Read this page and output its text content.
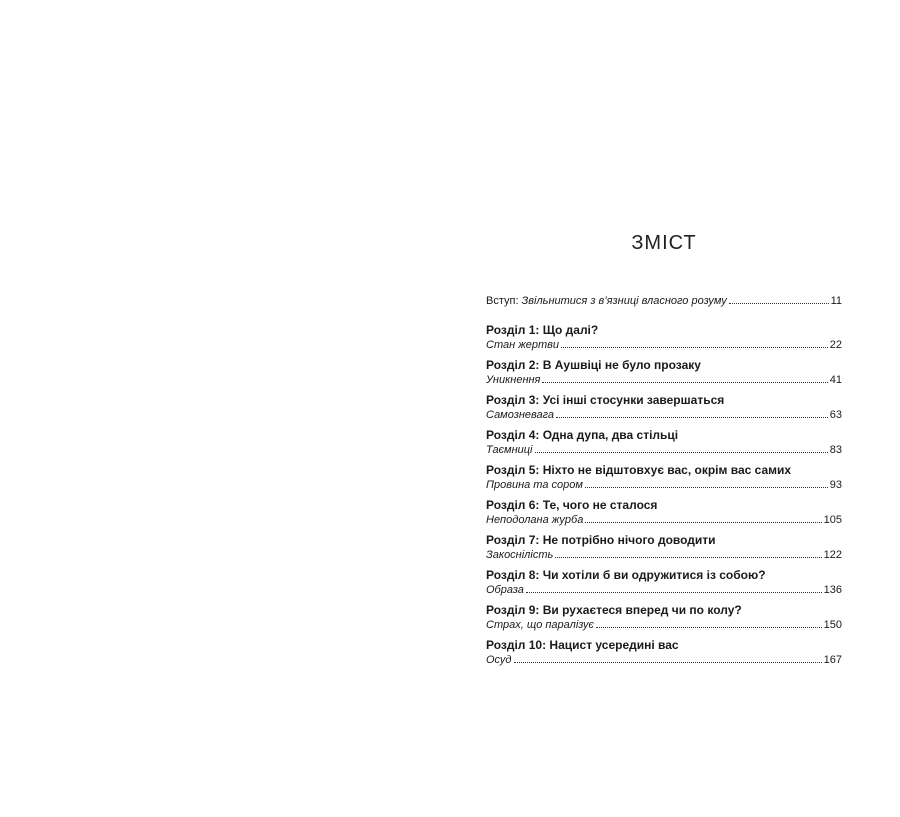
ЗМІСТ
Вступ: Звільнитися з в’язниці власного розуму	11
Розділ 1: Що далі?
Стан жертви	22
Розділ 2: В Аушвіці не було прозаку
Уникнення	41
Розділ 3: Усі інші стосунки завершаться
Самозневага	63
Розділ 4: Одна дупа, два стільці
Таємниці	83
Розділ 5: Ніхто не відштовхує вас, окрім вас самих
Провина та сором	93
Розділ 6: Те, чого не сталося
Неподолана журба	105
Розділ 7: Не потрібно нічого доводити
Закосніліcть	122
Розділ 8: Чи хотіли б ви одружитися із собою?
Образа	136
Розділ 9: Ви рухаєтеся вперед чи по колу?
Страх, що паралізує	150
Розділ 10: Нацист усередині вас
Осуд	167
